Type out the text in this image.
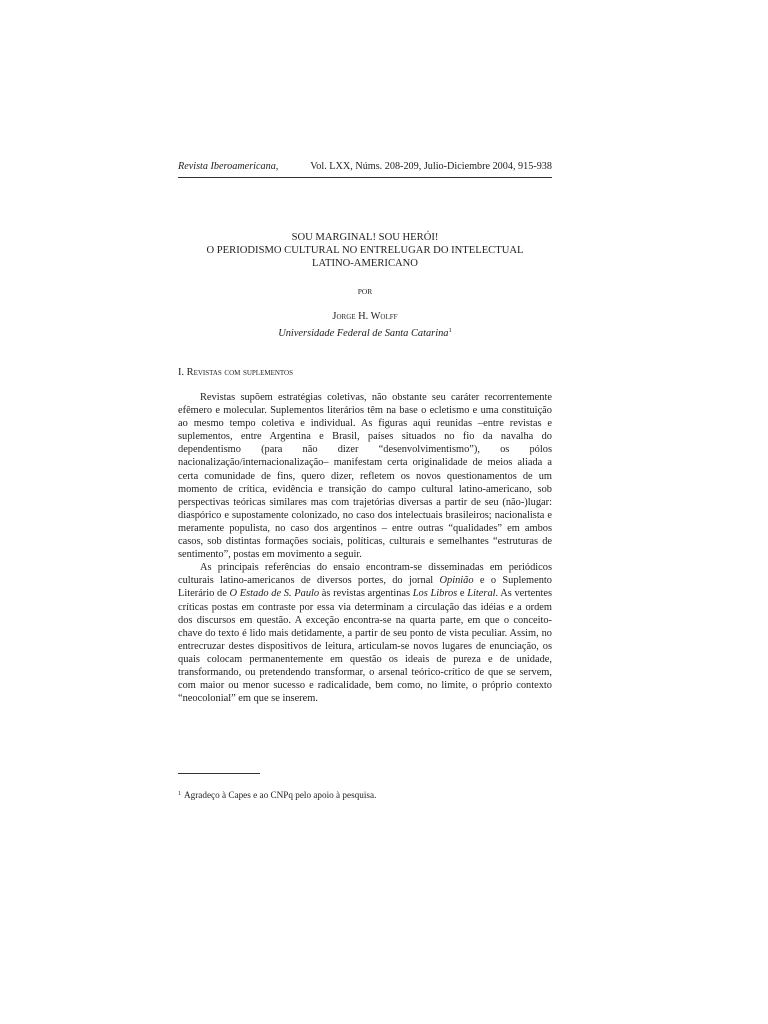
Revista Iberoamericana,	Vol. LXX, Núms. 208-209, Julio-Diciembre 2004, 915-938
SOU MARGINAL! SOU HERÓI!
O PERIODISMO CULTURAL NO ENTRELUGAR DO INTELECTUAL
LATINO-AMERICANO
POR
Jorge H. Wolff
Universidade Federal de Santa Catarina$^1$
I. Revistas com suplementos

Revistas supõem estratégias coletivas, não obstante seu caráter recorrentemente efêmero e molecular. Suplementos literários têm na base o ecletismo e uma constituição ao mesmo tempo coletiva e individual. As figuras aqui reunidas –entre revistas e suplementos, entre Argentina e Brasil, países situados no fio da navalha do dependentismo (para não dizer “desenvolvimentismo”), os pólos nacionalização/internacionalização– manifestam certa originalidade de meios aliada a certa comunidade de fins, quero dizer, refletem os novos questionamentos de um momento de crítica, evidência e transição do campo cultural latino-americano, sob perspectivas teóricas similares mas com trajetórias diversas a partir de seu (não-)lugar: diaspórico e supostamente colonizado, no caso dos intelectuais brasileiros; nacionalista e meramente populista, no caso dos argentinos – entre outras “qualidades” em ambos casos, sob distintas formações sociais, políticas, culturais e semelhantes “estruturas de sentimento”, postas em movimento a seguir.

As principais referências do ensaio encontram-se disseminadas em periódicos culturais latino-americanos de diversos portes, do jornal Opinião e o Suplemento Literário de O Estado de S. Paulo às revistas argentinas Los Libros e Literal. As vertentes críticas postas em contraste por essa via determinam a circulação das idéias e a ordem dos discursos em questão. A exceção encontra-se na quarta parte, em que o conceito-chave do texto é lido mais detidamente, a partir de seu ponto de vista peculiar. Assim, no entrecruzar destes dispositivos de leitura, articulam-se novos lugares de enunciação, os quais colocam permanentemente em questão os ideais de pureza e de unidade, transformando, ou pretendendo transformar, o arsenal teórico-crítico de que se servem, com maior ou menor sucesso e radicalidade, bem como, no limite, o próprio contexto “neocolonial” em que se inserem.

$^1$ Agradeço à Capes e ao CNPq pelo apoio à pesquisa.
